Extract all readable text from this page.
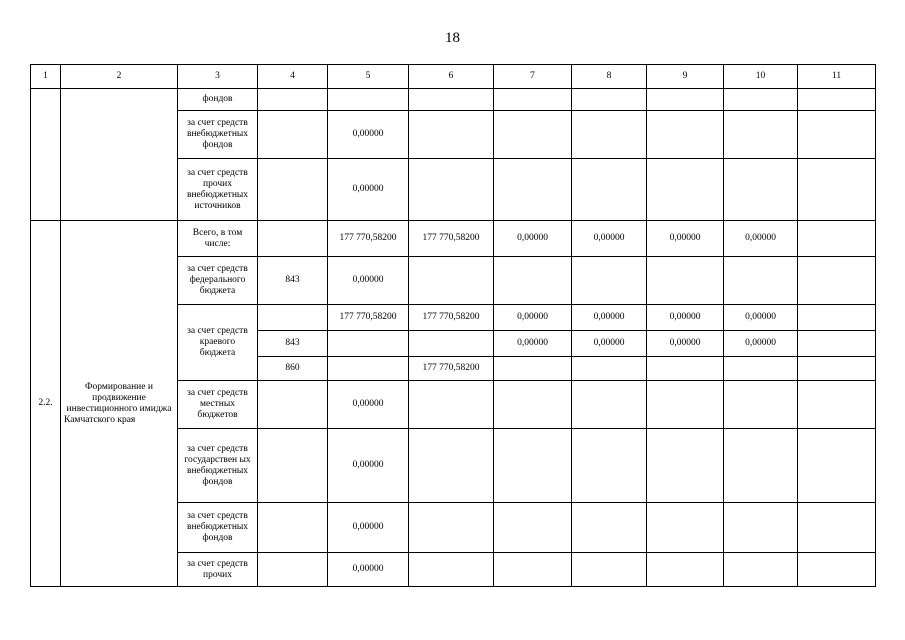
18
1	2	3	4	5	6	7	8	9	10	11
		фондов								
		за счет средств внебюджетных фондов		0,00000						
		за счет средств прочих внебюджетных источников		0,00000						
2.2.	Формирование и продвижение инвестиционного имиджа Камчатского края	Всего, в том числе:		177 770,58200	177 770,58200	0,00000	0,00000	0,00000	0,00000	
		за счет средств федерального бюджета	843	0,00000						
		за счет средств краевого бюджета		177 770,58200	177 770,58200	0,00000	0,00000	0,00000	0,00000	
			843			0,00000	0,00000	0,00000	0,00000	
			860		177 770,58200					
		за счет средств местных бюджетов		0,00000						
		за счет средств государствен ых внебюджетных фондов		0,00000						
		за счет средств внебюджетных фондов		0,00000						
		за счет средств прочих		0,00000						
